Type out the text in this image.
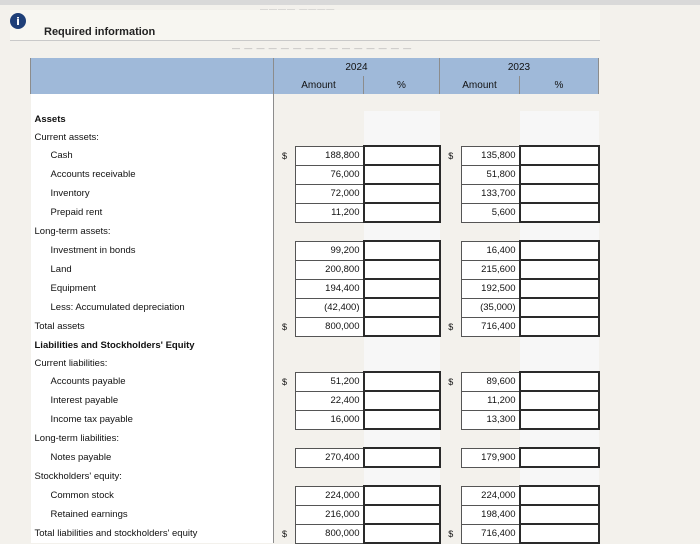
i
Required information
— — — — — — — — — — — — — — —
	2024			2023		
	Amount		%	Amount		%

Assets						
Current assets:						
Cash	$	188,800		$	135,800	
Accounts receivable		76,000			51,800	
Inventory		72,000			133,700	
Prepaid rent		11,200			5,600	
Long-term assets:						
Investment in bonds		99,200			16,400	
Land		200,800			215,600	
Equipment		194,400			192,500	
Less: Accumulated depreciation		(42,400)			(35,000)	
Total assets	$	800,000		$	716,400	
Liabilities and Stockholders' Equity						
Current liabilities:						
Accounts payable	$	51,200		$	89,600	
Interest payable		22,400			11,200	
Income tax payable		16,000			13,300	
Long-term liabilities:						
Notes payable		270,400			179,900	
Stockholders' equity:						
Common stock		224,000			224,000	
Retained earnings		216,000			198,400	
Total liabilities and stockholders' equity	$	800,000		$	716,400	
